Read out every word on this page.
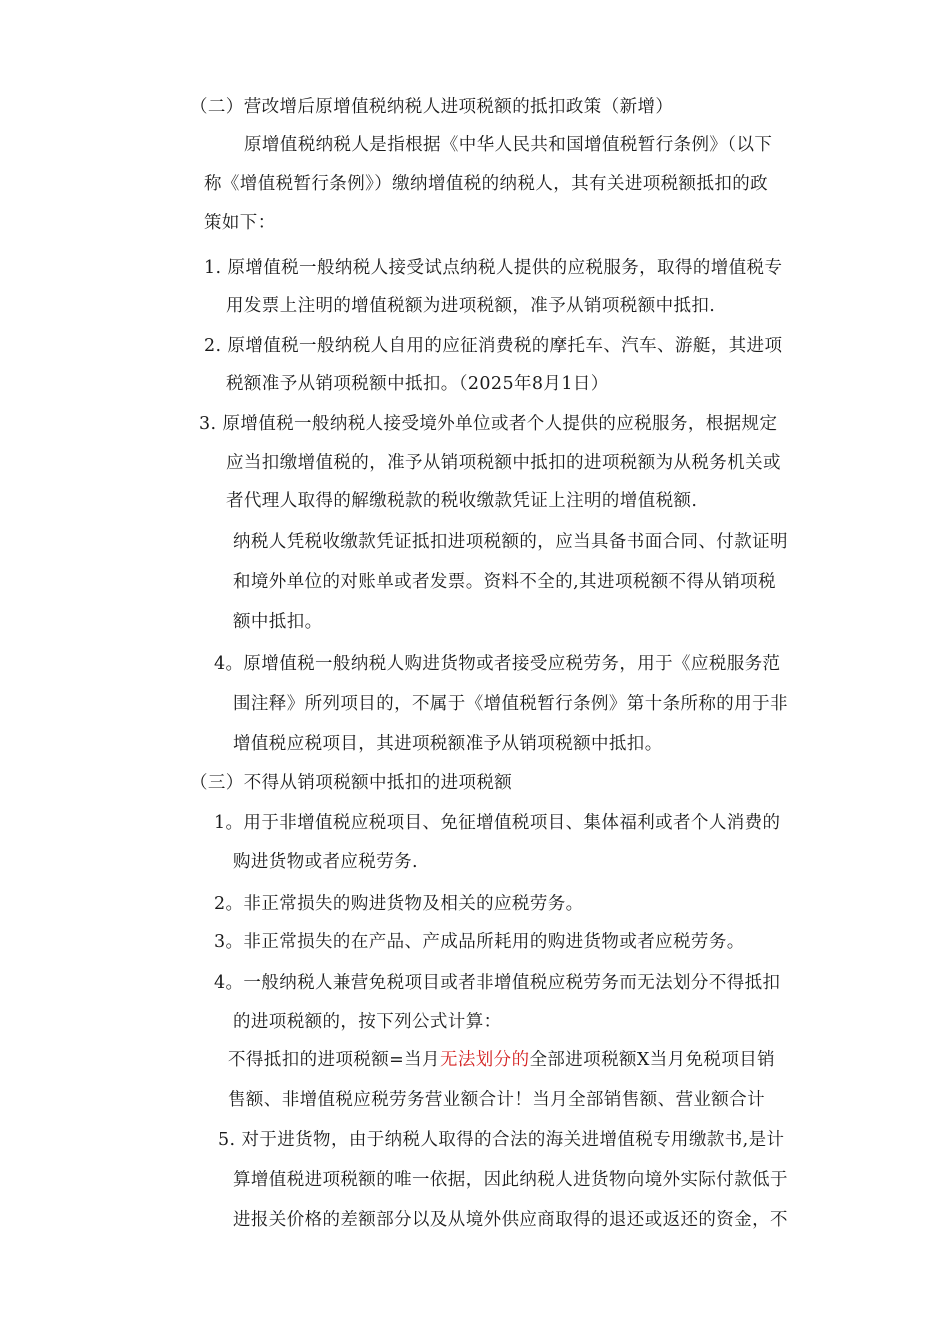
（二）营改增后原增值税纳税人进项税额的抵扣政策（新增）
原增值税纳税人是指根据《中华人民共和国增值税暂行条例》（以下
称《增值税暂行条例》）缴纳增值税的纳税人，其有关进项税额抵扣的政
策如下：
1. 原增值税一般纳税人接受试点纳税人提供的应税服务，取得的增值税专
用发票上注明的增值税额为进项税额，准予从销项税额中抵扣.
2. 原增值税一般纳税人自用的应征消费税的摩托车、汽车、游艇，其进项
税额准予从销项税额中抵扣。（2025年8月1日）
3. 原增值税一般纳税人接受境外单位或者个人提供的应税服务，根据规定
应当扣缴增值税的，准予从销项税额中抵扣的进项税额为从税务机关或
者代理人取得的解缴税款的税收缴款凭证上注明的增值税额.
纳税人凭税收缴款凭证抵扣进项税额的，应当具备书面合同、付款证明
和境外单位的对账单或者发票。资料不全的,其进项税额不得从销项税
额中抵扣。
4。原增值税一般纳税人购进货物或者接受应税劳务，用于《应税服务范
围注释》所列项目的，不属于《增值税暂行条例》第十条所称的用于非
增值税应税项目，其进项税额准予从销项税额中抵扣。
（三）不得从销项税额中抵扣的进项税额
1。用于非增值税应税项目、免征增值税项目、集体福利或者个人消费的
购进货物或者应税劳务.
2。非正常损失的购进货物及相关的应税劳务。
3。非正常损失的在产品、产成品所耗用的购进货物或者应税劳务。
4。一般纳税人兼营免税项目或者非增值税应税劳务而无法划分不得抵扣
的进项税额的，按下列公式计算：
不得抵扣的进项税额=当月无法划分的全部进项税额X当月免税项目销
售额、非增值税应税劳务营业额合计！当月全部销售额、营业额合计
5. 对于进货物，由于纳税人取得的合法的海关进增值税专用缴款书,是计
算增值税进项税额的唯一依据，因此纳税人进货物向境外实际付款低于
进报关价格的差额部分以及从境外供应商取得的退还或返还的资金，不
